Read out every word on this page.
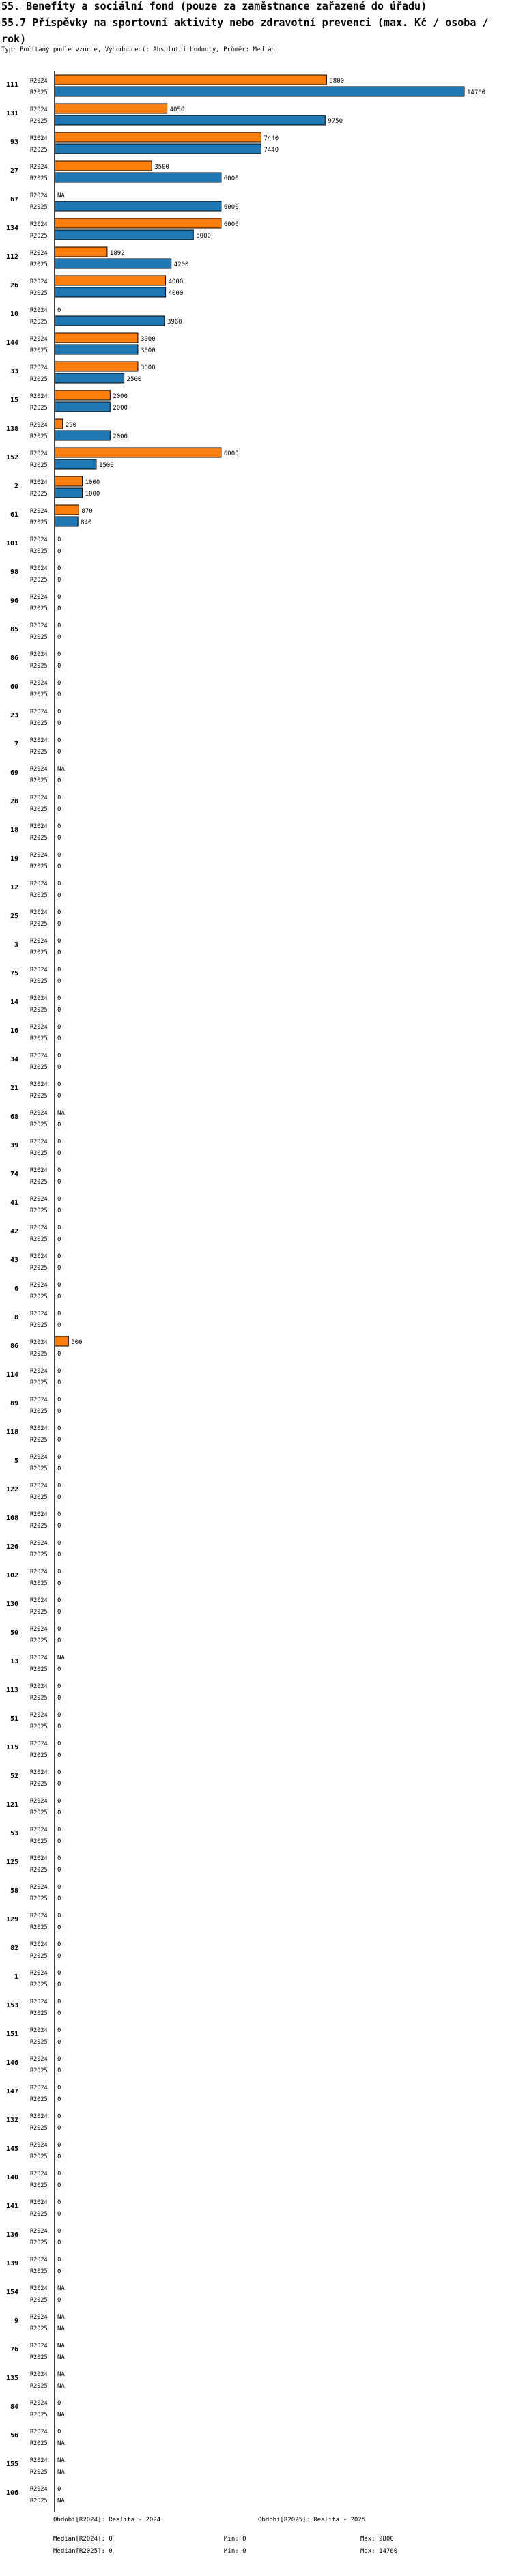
55. Benefity a sociální fond (pouze za zaměstnance zařazené do úřadu)
55.7 Příspěvky na sportovní aktivity nebo zdravotní prevenci (max. Kč / osoba / rok)
Typ: Počítaný podle vzorce, Vyhodnocení: Absolutní hodnoty, Průměr: Medián
111 R2024	9800
R2025	14760
131 R2024	4050
R2025	9750
93 R2024	7440
R2025	7440
27 R2024	3500
R2025	6000
67 R2024 NA
R2025	6000
134 R2024	6000
R2025	5000
112 R2024	1892
R2025	4200
26 R2024	4000
R2025	4000
10 R2024 0
R2025	3960
144 R2024	3000
R2025	3000
33 R2024	3000
R2025	2500
15 R2024	2000
R2025	2000
138 R2024	290
R2025	2000
152 R2024	6000
R2025	1500
2 R2024	1000
R2025	1000
61 R2024	870
R2025	840
101 R2024 0
R2025 0
98 R2024 0
R2025 0
96 R2024 0
R2025 0
85 R2024 0
R2025 0
86 R2024 0
R2025 0
60 R2024 0
R2025 0
23 R2024 0
R2025 0
7 R2024 0
R2025 0
69 R2024 NA
R2025 0
28 R2024 0
R2025 0
18 R2024 0
R2025 0
19 R2024 0
R2025 0
12 R2024 0
R2025 0
25 R2024 0
R2025 0
3 R2024 0
R2025 0
75 R2024 0
R2025 0
14 R2024 0
R2025 0
16 R2024 0
R2025 0
34 R2024 0
R2025 0
21 R2024 0
R2025 0
68 R2024 NA
R2025 0
39 R2024 0
R2025 0
74 R2024 0
R2025 0
41 R2024 0
R2025 0
42 R2024 0
R2025 0
43 R2024 0
R2025 0
6 R2024 0
R2025 0
8 R2024 0
R2025 0
86 R2024	500
R2025 0
114 R2024 0
R2025 0
89 R2024 0
R2025 0
118 R2024 0
R2025 0
5 R2024 0
R2025 0
122 R2024 0
R2025 0
108 R2024 0
R2025 0
126 R2024 0
R2025 0
102 R2024 0
R2025 0
130 R2024 0
R2025 0
50 R2024 0
R2025 0
13 R2024 NA
R2025 0
113 R2024 0
R2025 0
51 R2024 0
R2025 0
115 R2024 0
R2025 0
52 R2024 0
R2025 0
121 R2024 0
R2025 0
53 R2024 0
R2025 0
125 R2024 0
R2025 0
58 R2024 0
R2025 0
129 R2024 0
R2025 0
82 R2024 0
R2025 0
1 R2024 0
R2025 0
153 R2024 0
R2025 0
151 R2024 0
R2025 0
146 R2024 0
R2025 0
147 R2024 0
R2025 0
132 R2024 0
R2025 0
145 R2024 0
R2025 0
140 R2024 0
R2025 0
141 R2024 0
R2025 0
136 R2024 0
R2025 0
139 R2024 0
R2025 0
154 R2024 NA
R2025 0
9 R2024 NA
R2025 NA
76 R2024 NA
R2025 NA
135 R2024 NA
R2025 NA
84 R2024 0
R2025 NA
56 R2024 0
R2025 NA
155 R2024 NA
R2025 NA
106 R2024 0
R2025 NA
Období[R2024]: Realita - 2024	Období[R2025]: Realita - 2025
Medián[R2024]: 0	Min: 0	Max: 9800
Medián[R2025]: 0	Min: 0	Max: 14760
